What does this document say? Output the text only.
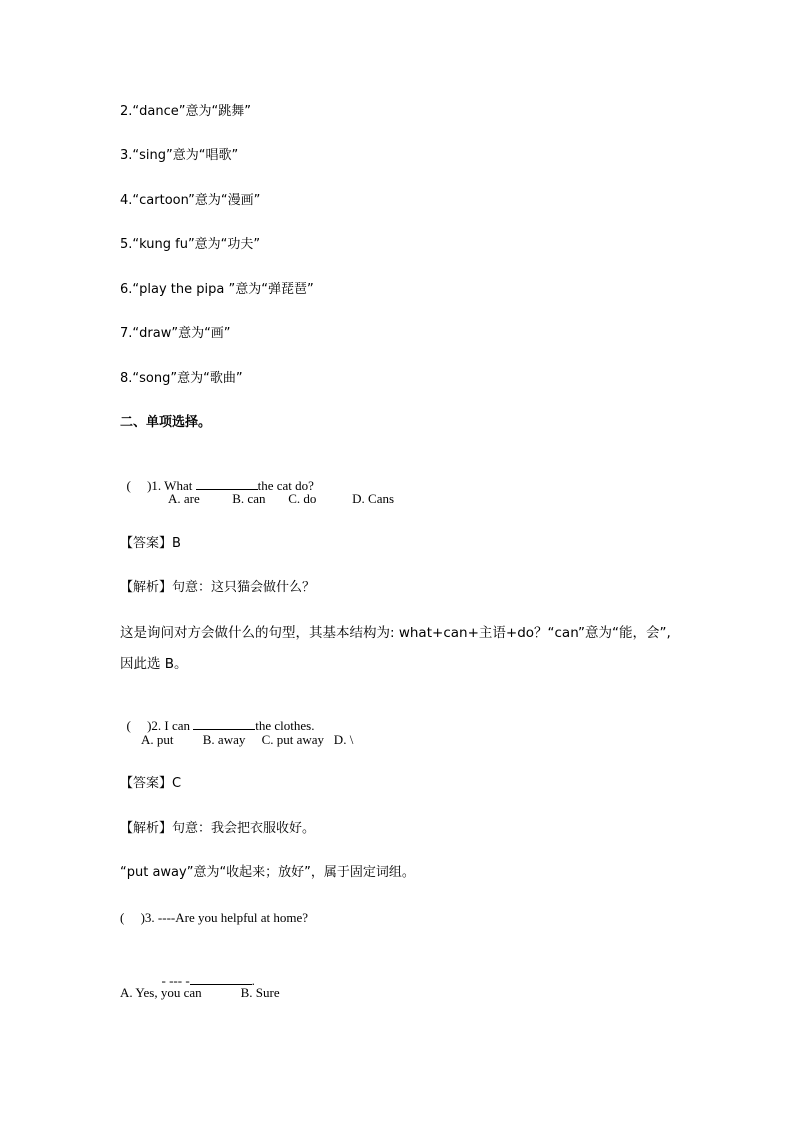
2.“dance”意为“跳舞”
3.“sing”意为“唱歌”
4.“cartoon”意为“漫画”
5.“kung fu”意为“功夫”
6.“play the pipa ”意为“弹琵琶”
7.“draw”意为“画”
8.“song”意为“歌曲”
二、单项选择。

(     )1. What	the cat do?

A. are          B. can       C. do           D. Cans
【答案】B
【解析】句意：这只猫会做什么？
这是询问对方会做什么的句型，其基本结构为: what+can+主语+do？“can”意为“能，会”,
因此选 B。

(     )2. I can	the clothes.

A. put         B. away     C. put away   D. \
【答案】C
【解析】句意：我会把衣服收好。
“put away”意为“收起来；放好”，属于固定词组。
(     )3. ----Are you helpful at home?

- --- -	.

A. Yes, you can            B. Sure
